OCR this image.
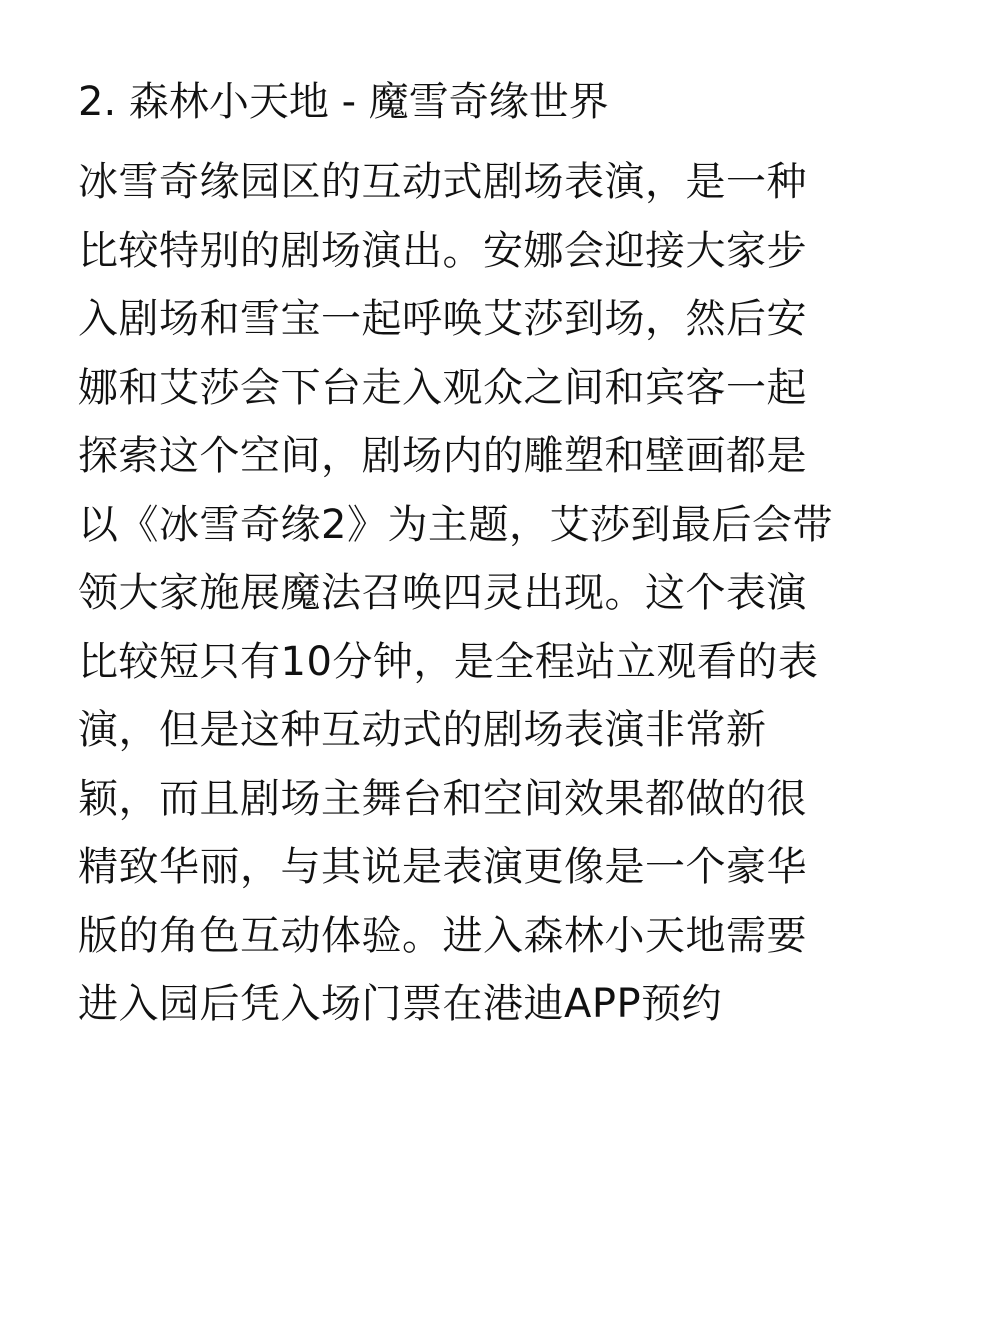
2. 森林小天地 - 魔雪奇缘世界
冰雪奇缘园区的互动式剧场表演，是一种
比较特别的剧场演出。安娜会迎接大家步
入剧场和雪宝一起呼唤艾莎到场，然后安
娜和艾莎会下台走入观众之间和宾客一起
探索这个空间，剧场内的雕塑和壁画都是
以《冰雪奇缘2》为主题，艾莎到最后会带
领大家施展魔法召唤四灵出现。这个表演
比较短只有10分钟，是全程站立观看的表
演，但是这种互动式的剧场表演非常新
颖，而且剧场主舞台和空间效果都做的很
精致华丽，与其说是表演更像是一个豪华
版的角色互动体验。进入森林小天地需要
进入园后凭入场门票在港迪APP预约
